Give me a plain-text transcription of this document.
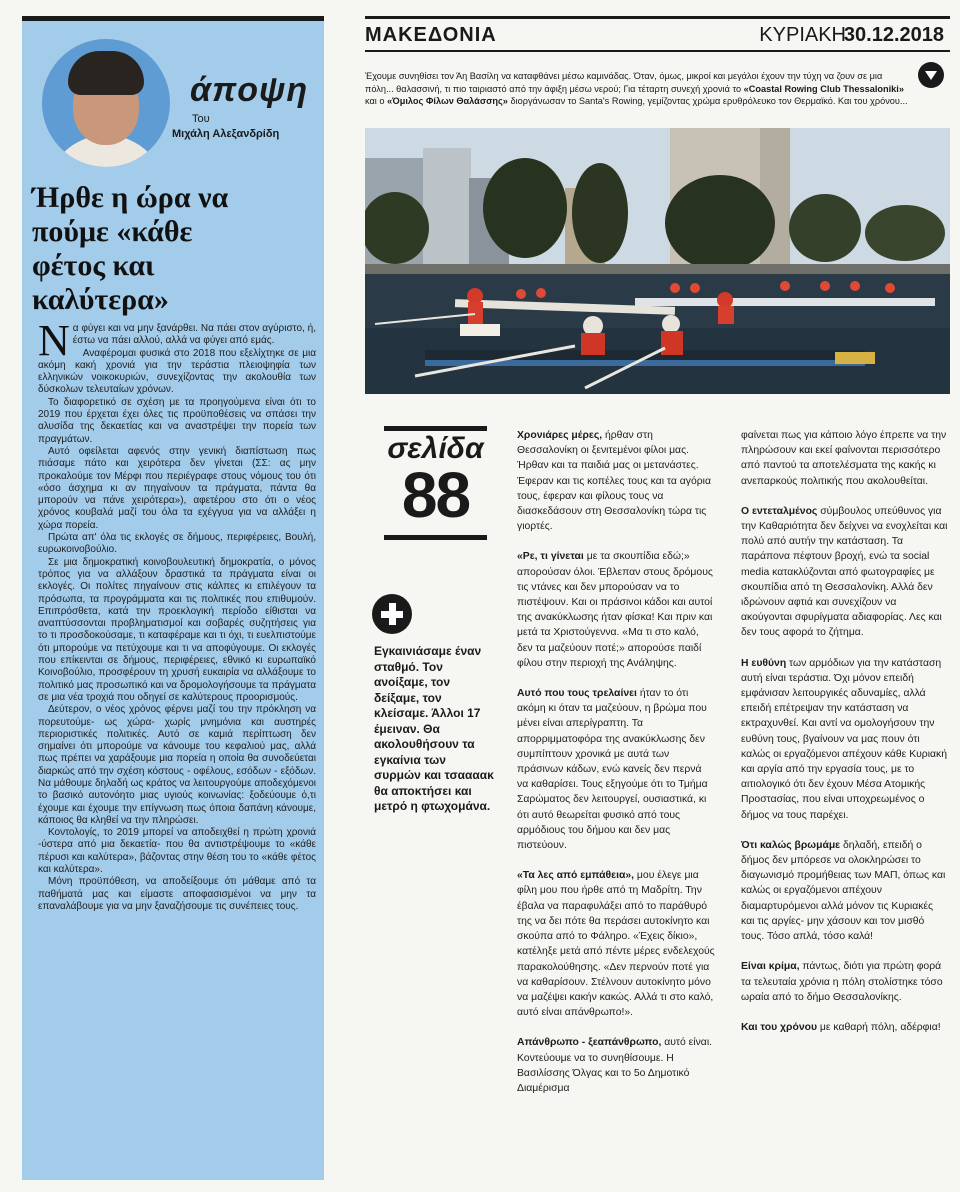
άποψη
Του
Μιχάλη Αλεξανδρίδη
Ήρθε η ώρα να πούμε «κάθε φέτος και καλύτερα»

Να φύγει και να μην ξανάρθει. Να πάει στον αγύριστο, ή, έστω να πάει αλλού, αλλά να φύγει από εμάς.

Αναφέρομαι φυσικά στο 2018 που εξελίχτηκε σε μια ακόμη κακή χρονιά για την τεράστια πλειοψηφία των ελληνικών νοικοκυριών, συνεχίζοντας την ακολουθία των δύσκολων τελευταίων χρόνων.

Το διαφορετικό σε σχέση με τα προηγούμενα είναι ότι το 2019 που έρχεται έχει όλες τις προϋποθέσεις να σπάσει την αλυσίδα της δεκαετίας και να αναστρέψει την πορεία των πραγμάτων.

Αυτό οφείλεται αφενός στην γενική διαπίστωση πως πιάσαμε πάτο και χειρότερα δεν γίνεται (ΣΣ: ας μην προκαλούμε τον Μέρφι που περιέγραφε στους νόμους του ότι «όσο άσχημα κι αν πηγαίνουν τα πράγματα, πάντα θα μπορούν να πάνε χειρότερα»), αφετέρου στο ότι ο νέος χρόνος κουβαλά μαζί του όλα τα εχέγγυα για να αλλάξει η χώρα πορεία.

Πρώτα απ' όλα τις εκλογές σε δήμους, περιφέρειες, Βουλή, ευρωκοινοβούλιο.

Σε μια δημοκρατική κοινοβουλευτική δημοκρατία, ο μόνος τρόπος για να αλλάξουν δραστικά τα πράγματα είναι οι εκλογές. Οι πολίτες πηγαίνουν στις κάλπες κι επιλέγουν τα πρόσωπα, τα προγράμματα και τις πολιτικές που επιθυμούν. Επιπρόσθετα, κατά την προεκλογική περίοδο είθισται να αναπτύσσονται προβληματισμοί και σοβαρές συζητήσεις για το τι προσδοκούσαμε, τι καταφέραμε και τι όχι, τι ευελπιστούμε ότι μπορούμε να πετύχουμε και τι να αποφύγουμε. Οι εκλογές που επίκεινται σε δήμους, περιφέρειες, εθνικό κι ευρωπαϊκό Κοινοβούλιο, προσφέρουν τη χρυσή ευκαιρία να αλλάξουμε το πολιτικό μας προσωπικό και να δρομολογήσουμε τα πράγματα σε μια νέα τροχιά που οδηγεί σε καλύτερους προορισμούς.

Δεύτερον, ο νέος χρόνος φέρνει μαζί του την πρόκληση να πορευτούμε- ως χώρα- χωρίς μνημόνια και αυστηρές περιοριστικές πολιτικές. Αυτό σε καμιά περίπτωση δεν σημαίνει ότι μπορούμε να κάνουμε του κεφαλιού μας, αλλά πως πρέπει να χαράξουμε μια πορεία η οποία θα συνοδεύεται διαρκώς από την σχέση κόστους - οφέλους, εσόδων - εξόδων. Να μάθουμε δηλαδή ως κράτος να λειτουργούμε αποδεχόμενοι το βασικό αυτονόητο μιας υγιούς κοινωνίας: ξοδεύουμε ό,τι έχουμε και έχουμε την επίγνωση πως όποια δαπάνη κάνουμε, κάποιος θα κληθεί να την πληρώσει.

Κοντολογίς, το 2019 μπορεί να αποδειχθεί η πρώτη χρονιά -ύστερα από μια δεκαετία- που θα αντιστρέψουμε το «κάθε πέρυσι και καλύτερα», βάζοντας στην θέση του το «κάθε φέτος και καλύτερα».

Μόνη προϋπόθεση, να αποδείξουμε ότι μάθαμε από τα παθήματά μας και είμαστε αποφασισμένοι να μην τα επαναλάβουμε για να μην ξαναζήσουμε τις συνέπειες τους.

ΜΑΚΕΔΟΝΙΑ	ΚΥΡΙΑΚΗ
30.12.2018

Έχουμε συνηθίσει τον Άη Βασίλη να καταφθάνει μέσω καμινάδας. Όταν, όμως, μικροί και μεγάλοι έχουν την τύχη να ζουν σε μια πόλη... θαλασσινή, τι πιο ταιριαστό από την άφιξη μέσω νερού; Για τέταρτη συνεχή χρονιά το «Coastal Rowing Club Thessaloniki» και ο «Όμιλος Φίλων Θαλάσσης» διοργάνωσαν το Santa's Rowing, γεμίζοντας χρώμα ερυθρόλευκο τον Θερμαϊκό. Και του χρόνου...

σελίδα
88
Εγκαινιάσαμε έναν σταθμό. Τον ανοίξαμε, τον δείξαμε, τον κλείσαμε. Άλλοι 17 έμειναν. Θα ακολουθήσουν τα εγκαίνια των συρμών και τσαααακ θα αποκτήσει και μετρό η φτωχομάνα.

Χρονιάρες μέρες, ήρθαν στη Θεσσαλονίκη οι ξενιτεμένοι φίλοι μας. Ήρθαν και τα παιδιά μας οι μετανάστες. Έφεραν και τις κοπέλες τους και τα αγόρια τους, έφεραν και φίλους τους να διασκεδάσουν στη Θεσσαλονίκη τώρα τις γιορτές.

«Ρε, τι γίνεται με τα σκουπίδια εδώ;» απορούσαν όλοι. Έβλεπαν στους δρόμους τις ντάνες και δεν μπορούσαν να το πιστέψουν. Και οι πράσινοι κάδοι και αυτοί της ανακύκλωσης ήταν φίσκα! Και πριν και μετά τα Χριστούγεννα. «Μα τι στο καλό, δεν τα μαζεύουν ποτέ;» απορούσε παιδί φίλου στην περιοχή της Ανάληψης.

Αυτό που τους τρελαίνει ήταν το ότι ακόμη κι όταν τα μαζεύουν, η βρώμα που μένει είναι απερίγραπτη. Τα απορριμματοφόρα της ανακύκλωσης δεν συμπίπτουν χρονικά με αυτά των πράσινων κάδων, ενώ κανείς δεν περνά να καθαρίσει. Τους εξηγούμε ότι το Τμήμα Σαρώματος δεν λειτουργεί, ουσιαστικά, κι ότι αυτό θεωρείται φυσικό από τους αρμόδιους του δήμου και δεν μας πιστεύουν.

«Τα λες από εμπάθεια», μου έλεγε μια φίλη μου που ήρθε από τη Μαδρίτη. Την έβαλα να παραφυλάξει από το παράθυρό της να δει πότε θα περάσει αυτοκίνητο και σκούπα από το Φάληρο. «Έχεις δίκιο», κατέληξε μετά από πέντε μέρες ενδελεχούς παρακολούθησης. «Δεν περνούν ποτέ για να καθαρίσουν. Στέλνουν αυτοκίνητο μόνο να μαζέψει κακήν κακώς. Αλλά τι στο καλό, αυτό είναι απάνθρωπο!».

Απάνθρωπο - ξεαπάνθρωπο, αυτό είναι. Κοντεύουμε να το συνηθίσουμε. Η Βασιλίσσης Όλγας και το 5ο Δημοτικό Διαμέρισμα

φαίνεται πως για κάποιο λόγο έπρεπε να την πληρώσουν και εκεί φαίνονται περισσότερο από παντού τα αποτελέσματα της κακής κι ανεπαρκούς πολιτικής που ακολουθείται.

Ο εντεταλμένος σύμβουλος υπεύθυνος για την Καθαριότητα δεν δείχνει να ενοχλείται και πολύ από αυτήν την κατάσταση. Τα παράπονα πέφτουν βροχή, ενώ τα social media κατακλύζονται από φωτογραφίες με σκουπίδια από τη Θεσσαλονίκη. Αλλά δεν ιδρώνουν αφτιά και συνεχίζουν να ακούγονται σφυρίγματα αδιαφορίας. Λες και δεν τους αφορά το ζήτημα.

Η ευθύνη των αρμόδιων για την κατάσταση αυτή είναι τεράστια. Όχι μόνον επειδή εμφάνισαν λειτουργικές αδυναμίες, αλλά επειδή επέτρεψαν την κατάσταση να εκτραχυνθεί. Και αντί να ομολογήσουν την ευθύνη τους, βγαίνουν να μας πουν ότι καλώς οι εργαζόμενοι απέχουν κάθε Κυριακή και αργία από την εργασία τους, με το αιτιολογικό ότι δεν έχουν Μέσα Ατομικής Προστασίας, που είναι υποχρεωμένος ο δήμος να τους παρέχει.

Ότι καλώς βρωμάμε δηλαδή, επειδή ο δήμος δεν μπόρεσε να ολοκληρώσει το διαγωνισμό προμήθειας των ΜΑΠ, όπως και καλώς οι εργαζόμενοι απέχουν διαμαρτυρόμενοι αλλά μόνον τις Κυριακές και τις αργίες- μην χάσουν και τον μισθό τους. Τόσο απλά, τόσο καλά!

Είναι κρίμα, πάντως, διότι για πρώτη φορά τα τελευταία χρόνια η πόλη στολίστηκε τόσο ωραία από το δήμο Θεσσαλονίκης.

Και του χρόνου με καθαρή πόλη, αδέρφια!
